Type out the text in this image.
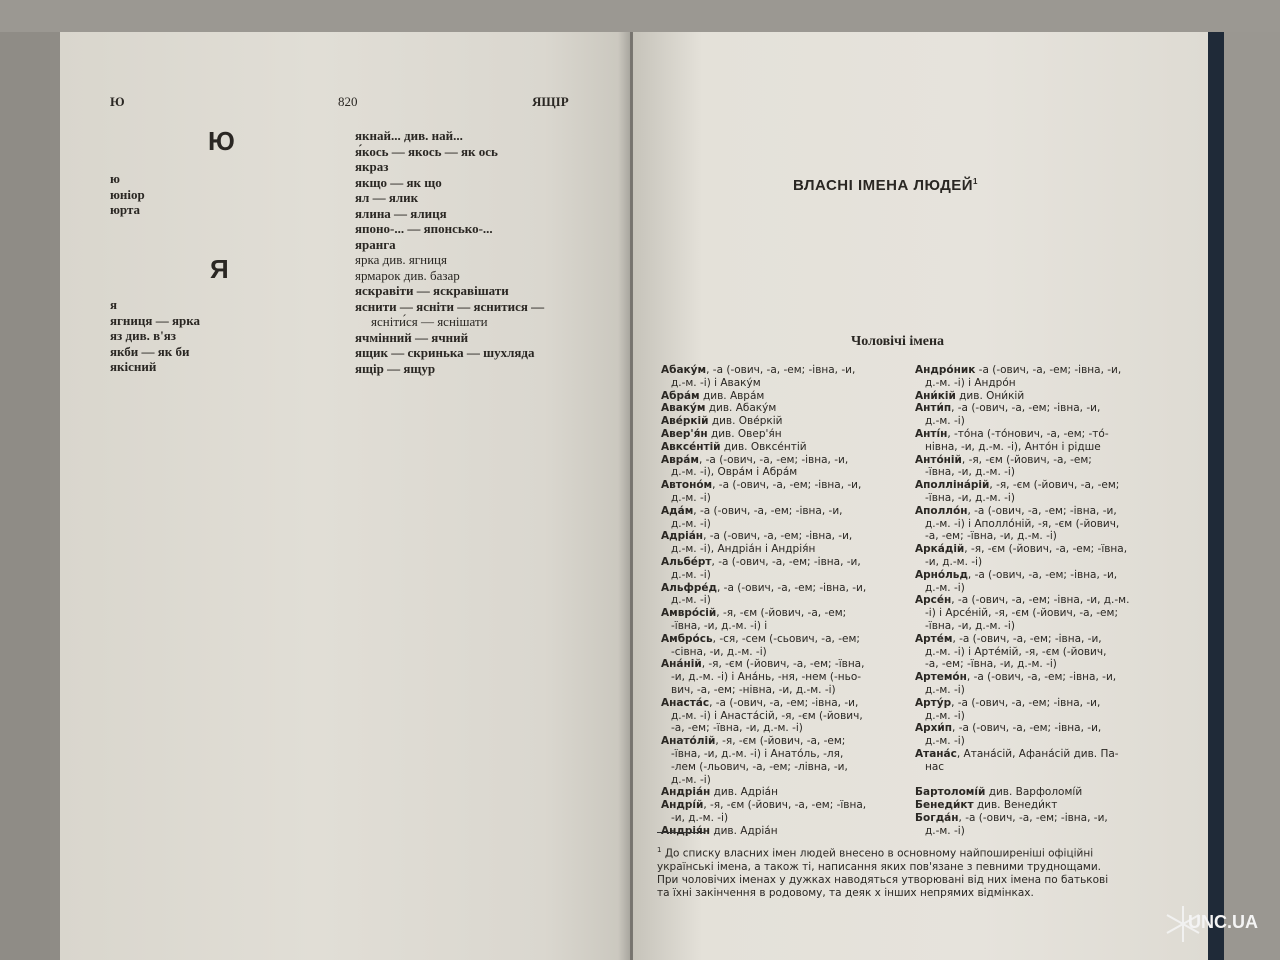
Ю	820	ЯЩІР
Ю
ю
юніор
юрта
Я
я
ягниця — ярка
яз див. в'яз
якби — як би
якісний
якнай... див. най...
я́кось — якось — як ось
якраз
якщо — як що
ял — ялик
ялина — ялиця
японо-... — японсько-...
яранга
ярка див. ягниця
ярмарок див. базар
яскравіти — яскравішати
яснити — ясніти — яснитися —
ясніти́ся — яснішати
ячмінний — ячний
ящик — скринька — шухляда
ящір — ящур
ВЛАСНІ ІМЕНА ЛЮДЕЙ$^1$
Чоловічі імена
Абаку́м, -а (-ович, -а, -ем; -івна, -и,
д.-м. -і) і Аваку́м
Абра́м див. Авра́м
Аваку́м див. Абаку́м
Аве́ркій див. Ове́ркій
Авер'я́н див. Овер'я́н
Авксе́нтій див. Овксе́нтій
Авра́м, -а (-ович, -а, -ем; -івна, -и,
д.-м. -і), Овра́м і Абра́м
Автоно́м, -а (-ович, -а, -ем; -івна, -и,
д.-м. -і)
Ада́м, -а (-ович, -а, -ем; -івна, -и,
д.-м. -і)
Адріа́н, -а (-ович, -а, -ем; -івна, -и,
д.-м. -і), Андріа́н і Андрія́н
Альбе́рт, -а (-ович, -а, -ем; -івна, -и,
д.-м. -і)
Альфре́д, -а (-ович, -а, -ем; -івна, -и,
д.-м. -і)
Амвро́сій, -я, -єм (-йович, -а, -ем;
-ївна, -и, д.-м. -і) і
Амбро́сь, -ся, -сем (-сьович, -а, -ем;
-сівна, -и, д.-м. -і)
Ана́ній, -я, -єм (-йович, -а, -ем; -ївна,
-и, д.-м. -і) і Ана́нь, -ня, -нем (-ньо-
вич, -а, -ем; -нівна, -и, д.-м. -і)
Анаста́с, -а (-ович, -а, -ем; -івна, -и,
д.-м. -і) і Анаста́сій, -я, -єм (-йович,
-а, -ем; -ївна, -и, д.-м. -і)
Анато́лій, -я, -єм (-йович, -а, -ем;
-ївна, -и, д.-м. -і) і Анато́ль, -ля,
-лем (-льович, -а, -ем; -лівна, -и,
д.-м. -і)
Андріа́н див. Адріа́н
Андрі́й, -я, -єм (-йович, -а, -ем; -ївна,
-и, д.-м. -і)
Андрія́н див. Адріа́н
Андро́ник -а (-ович, -а, -ем; -івна, -и,
д.-м. -і) і Андро́н
Ани́кій див. Они́кій
Анти́п, -а (-ович, -а, -ем; -івна, -и,
д.-м. -і)
Анті́н, -то́на (-то́нович, -а, -ем; -то́-
нівна, -и, д.-м. -і), Анто́н і рідше
Анто́ній, -я, -єм (-йович, -а, -ем;
-ївна, -и, д.-м. -і)
Аполліна́рій, -я, -єм (-йович, -а, -ем;
-ївна, -и, д.-м. -і)
Аполло́н, -а (-ович, -а, -ем; -івна, -и,
д.-м. -і) і Аполло́ній, -я, -єм (-йович,
-а, -ем; -ївна, -и, д.-м. -і)
Арка́дій, -я, -єм (-йович, -а, -ем; -ївна,
-и, д.-м. -і)
Арно́льд, -а (-ович, -а, -ем; -івна, -и,
д.-м. -і)
Арсе́н, -а (-ович, -а, -ем; -івна, -и, д.-м.
-і) і Арсе́ній, -я, -єм (-йович, -а, -ем;
-ївна, -и, д.-м. -і)
Арте́м, -а (-ович, -а, -ем; -івна, -и,
д.-м. -і) і Арте́мій, -я, -єм (-йович,
-а, -ем; -ївна, -и, д.-м. -і)
Артемо́н, -а (-ович, -а, -ем; -івна, -и,
д.-м. -і)
Арту́р, -а (-ович, -а, -ем; -івна, -и,
д.-м. -і)
Архи́п, -а (-ович, -а, -ем; -івна, -и,
д.-м. -і)
Атана́с, Атана́сій, Афана́сій див. Па-
нас

Бартоломі́й див. Варфоломі́й
Бенеди́кт див. Венеди́кт
Богда́н, -а (-ович, -а, -ем; -івна, -и,
д.-м. -і)
$^1$ До списку власних імен людей внесено в основному найпоширеніші офіційні
українські імена, а також ті, написання яких пов'язане з певними труднощами.
При чоловічих іменах у дужках наводяться утворювані від них імена по батькові
та їхні закінчення в родовому, та деяк х інших непрямих відмінках.
UNC.UA
